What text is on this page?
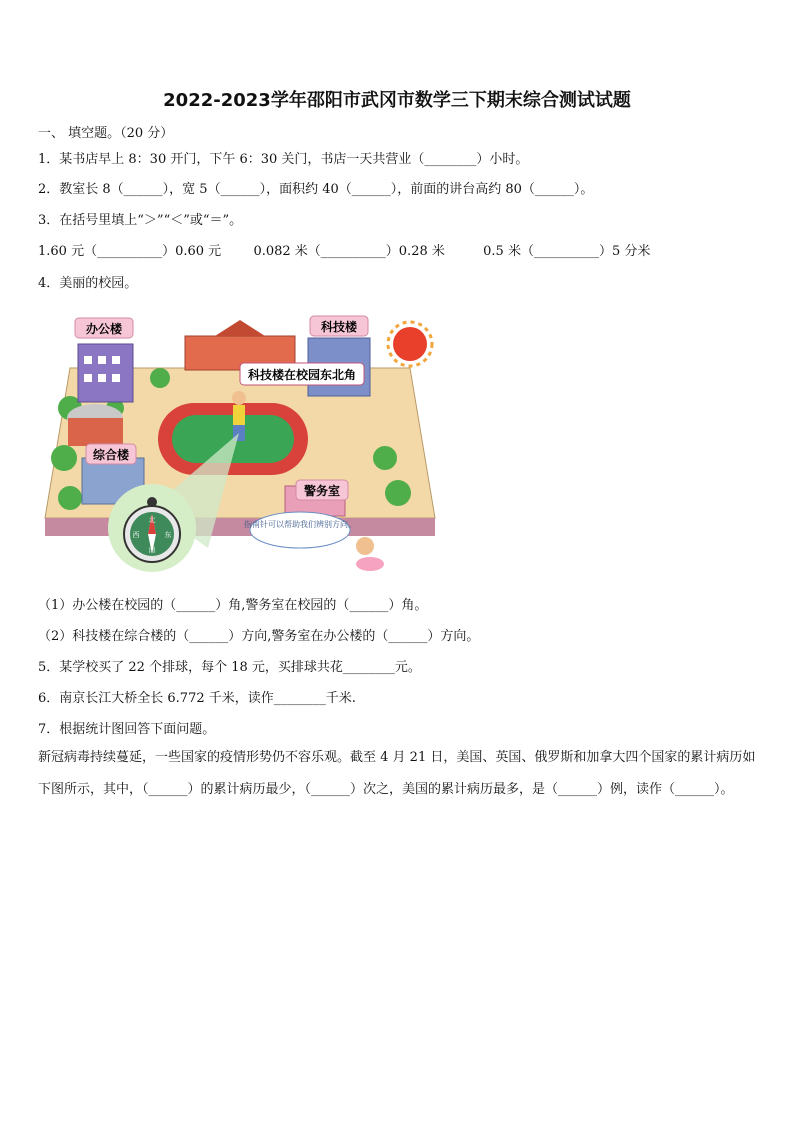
2022-2023学年邵阳市武冈市数学三下期末综合测试试题
一、 填空题。（20 分）
1．某书店早上 8：30 开门，下午 6：30 关门，书店一天共营业（________）小时。
2．教室长 8（______），宽 5（______），面积约 40（______），前面的讲台高约 80（______）。
3．在括号里填上“＞”“＜”或“＝”。
1.60 元（__________）0.60 元 0.082 米（__________）0.28 米	0.5 米（__________）5 分米
4．美丽的校园。
北
南
东
西
指南针可以帮助我们辨别方向。
办公楼	科技楼
科技楼在校园东北角
综合楼
警务室
（1）办公楼在校园的（______）角,警务室在校园的（______）角。
（2）科技楼在综合楼的（______）方向,警务室在办公楼的（______）方向。
5．某学校买了 22 个排球，每个 18 元，买排球共花________元。
6．南京长江大桥全长 6.772 千米，读作________千米.
7．根据统计图回答下面问题。
新冠病毒持续蔓延，一些国家的疫情形势仍不容乐观。截至 4 月 21 日，美国、英国、俄罗斯和加拿大四个国家的累计病历如下图所示，其中，（______）的累计病历最少，（______）次之，美国的累计病历最多，是（______）例，读作（______）。
